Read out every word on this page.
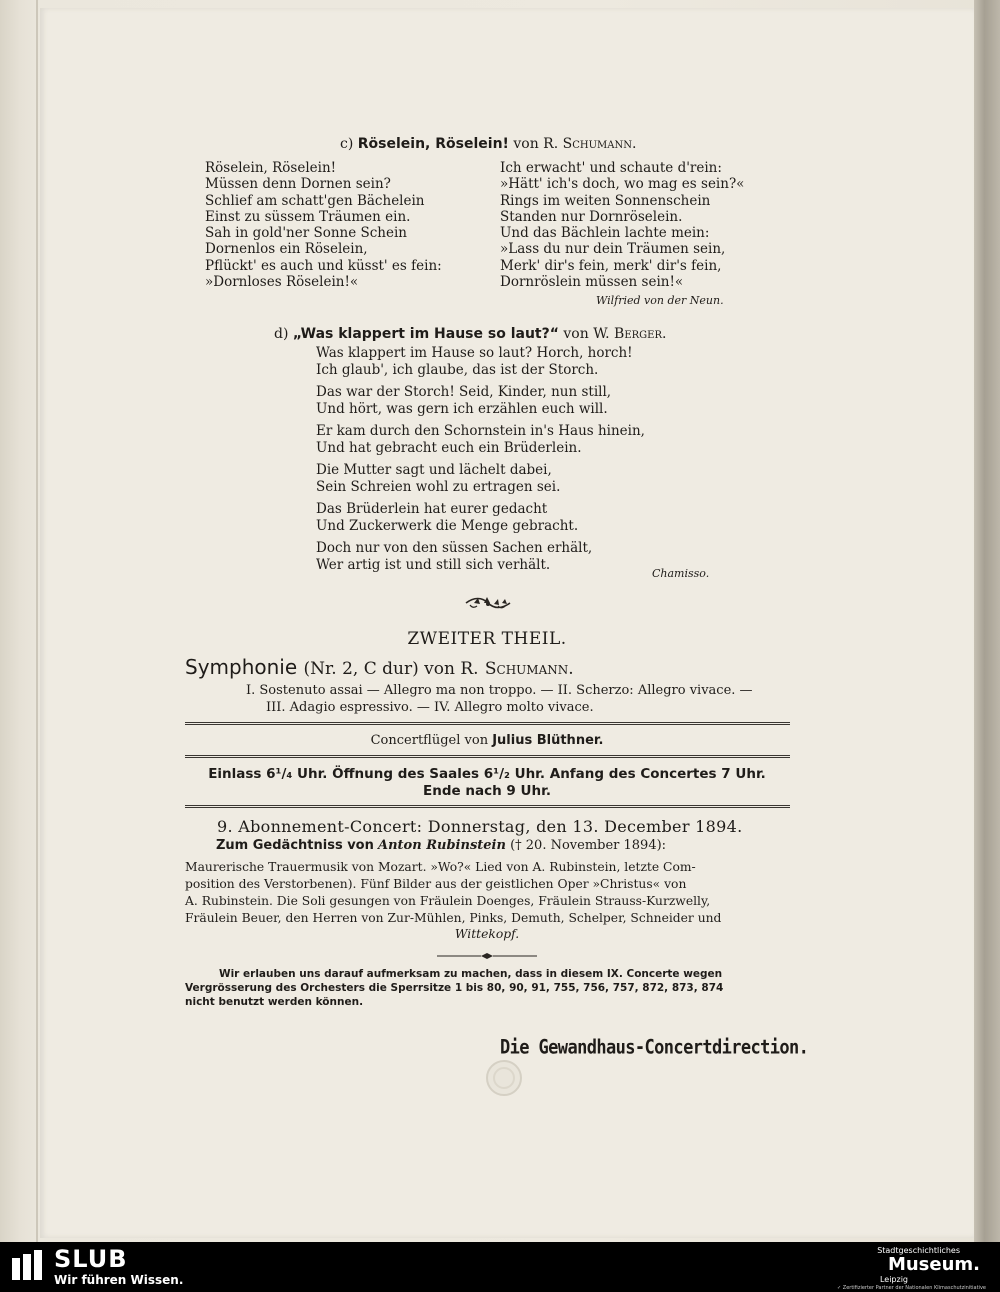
c) Röselein, Röselein! von R. Schumann.
Röselein, Röselein!
Müssen denn Dornen sein?
Schlief am schatt'gen Bächelein
Einst zu süssem Träumen ein.
Sah in gold'ner Sonne Schein
Dornenlos ein Röselein,
Pflückt' es auch und küsst' es fein:
»Dornloses Röselein!«
Ich erwacht' und schaute d'rein:
»Hätt' ich's doch, wo mag es sein?«
Rings im weiten Sonnenschein
Standen nur Dornröselein.
Und das Bächlein lachte mein:
»Lass du nur dein Träumen sein,
Merk' dir's fein, merk' dir's fein,
Dornröslein müssen sein!«
Wilfried von der Neun.
d) „Was klappert im Hause so laut?“ von W. Berger.
Was klappert im Hause so laut? Horch, horch!
Ich glaub', ich glaube, das ist der Storch.
Das war der Storch! Seid, Kinder, nun still,
Und hört, was gern ich erzählen euch will.
Er kam durch den Schornstein in's Haus hinein,
Und hat gebracht euch ein Brüderlein.
Die Mutter sagt und lächelt dabei,
Sein Schreien wohl zu ertragen sei.
Das Brüderlein hat eurer gedacht
Und Zuckerwerk die Menge gebracht.
Doch nur von den süssen Sachen erhält,
Wer artig ist und still sich verhält.
Chamisso.
ZWEITER THEIL.
Symphonie (Nr. 2, C dur) von R. Schumann.
I. Sostenuto assai — Allegro ma non troppo. — II. Scherzo: Allegro vivace. —
III. Adagio espressivo. — IV. Allegro molto vivace.
Concertflügel von Julius Blüthner.
Einlass 6¹/₄ Uhr. Öffnung des Saales 6¹/₂ Uhr. Anfang des Concertes 7 Uhr.
Ende nach 9 Uhr.
9. Abonnement-Concert: Donnerstag, den 13. December 1894.
Zum Gedächtniss von Anton Rubinstein († 20. November 1894):
Maurerische Trauermusik von Mozart. »Wo?« Lied von A. Rubinstein, letzte Com-
position des Verstorbenen). Fünf Bilder aus der geistlichen Oper »Christus« von
A. Rubinstein. Die Soli gesungen von Fräulein Doenges, Fräulein Strauss-Kurzwelly,
Fräulein Beuer, den Herren von Zur-Mühlen, Pinks, Demuth, Schelper, Schneider und
Wittekopf.
Wir erlauben uns darauf aufmerksam zu machen, dass in diesem IX. Concerte wegen
Vergrösserung des Orchesters die Sperrsitze 1 bis 80, 90, 91, 755, 756, 757, 872, 873, 874
nicht benutzt werden können.
Die Gewandhaus-Concertdirection.
SLUB
Wir führen Wissen.
Stadtgeschichtliches
Museum.
Leipzig
✓ Zertifizierter Partner der Nationalen Klimaschutzinitiative
